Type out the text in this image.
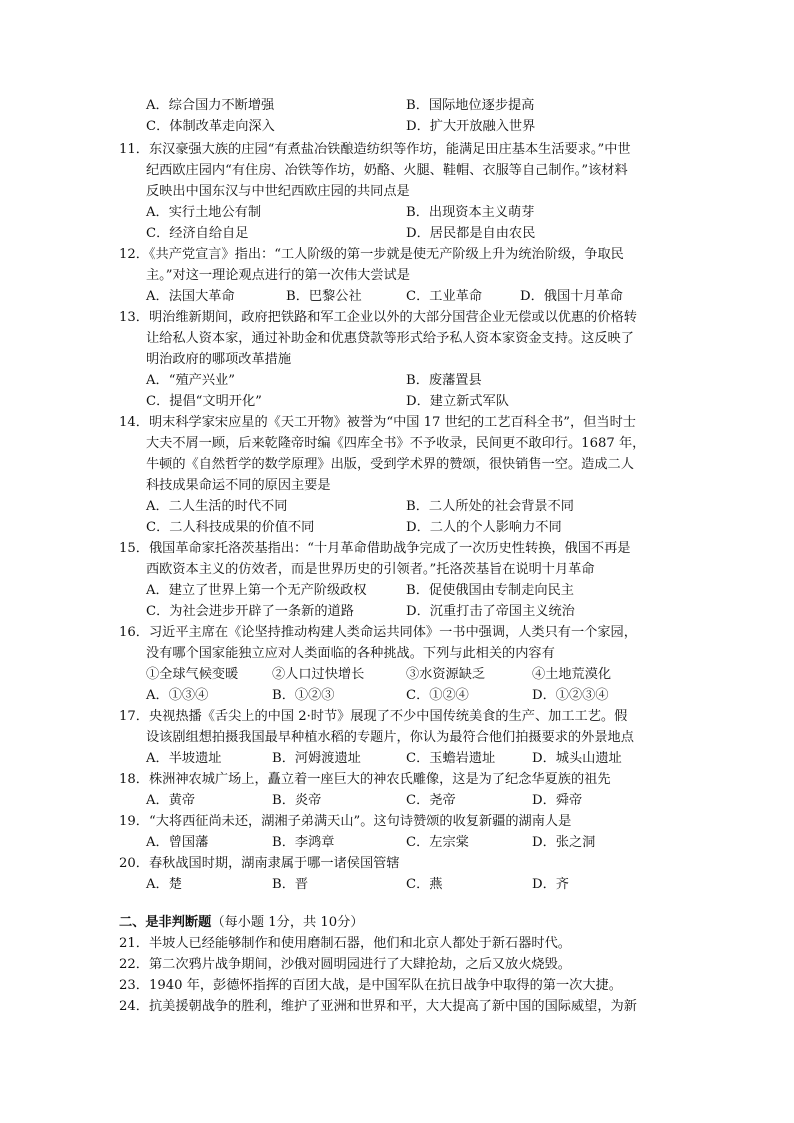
A．综合国力不断增强	B．国际地位逐步提高
C．体制改革走向深入	D．扩大开放融入世界
11．东汉豪强大族的庄园“有煮盐冶铁酿造纺织等作坊，能满足田庄基本生活要求。”中世
纪西欧庄园内“有住房、冶铁等作坊，奶酪、火腿、鞋帽、衣服等自己制作。”该材料
反映出中国东汉与中世纪西欧庄园的共同点是
A．实行土地公有制	B．出现资本主义萌芽
C．经济自给自足	D．居民都是自由农民
12．《共产党宣言》指出：“工人阶级的第一步就是使无产阶级上升为统治阶级，争取民
主。”对这一理论观点进行的第一次伟大尝试是
A．法国大革命	B．巴黎公社	C．工业革命	D．俄国十月革命
13．明治维新期间，政府把铁路和军工企业以外的大部分国营企业无偿或以优惠的价格转
让给私人资本家，通过补助金和优惠贷款等形式给予私人资本家资金支持。这反映了
明治政府的哪项改革措施
A．“殖产兴业”	B．废藩置县
C．提倡“文明开化”	D．建立新式军队
14．明末科学家宋应星的《天工开物》被誉为“中国 17 世纪的工艺百科全书”，但当时士
大夫不屑一顾，后来乾隆帝时编《四库全书》不予收录，民间更不敢印行。1687 年，
牛顿的《自然哲学的数学原理》出版，受到学术界的赞颂，很快销售一空。造成二人
科技成果命运不同的原因主要是
A．二人生活的时代不同	B．二人所处的社会背景不同
C．二人科技成果的价值不同	D．二人的个人影响力不同
15．俄国革命家托洛茨基指出：“十月革命借助战争完成了一次历史性转换，俄国不再是
西欧资本主义的仿效者，而是世界历史的引领者。”托洛茨基旨在说明十月革命
A．建立了世界上第一个无产阶级政权	B．促使俄国由专制走向民主
C．为社会进步开辟了一条新的道路	D．沉重打击了帝国主义统治
16．习近平主席在《论坚持推动构建人类命运共同体》一书中强调，人类只有一个家园，
没有哪个国家能独立应对人类面临的各种挑战。下列与此相关的内容有
①全球气候变暖	②人口过快增长	③水资源缺乏	④土地荒漠化
A．①③④	B．①②③	C．①②④	D．①②③④
17．央视热播《舌尖上的中国 2·时节》展现了不少中国传统美食的生产、加工工艺。假
设该剧组想拍摄我国最早种植水稻的专题片，你认为最符合他们拍摄要求的外景地点
A．半坡遗址	B．河姆渡遗址	C．玉蟾岩遗址	D．城头山遗址
18．株洲神农城广场上，矗立着一座巨大的神农氏雕像，这是为了纪念华夏族的祖先
A．黄帝	B．炎帝	C．尧帝	D．舜帝
19．“大将西征尚未还，湖湘子弟满天山”。这句诗赞颂的收复新疆的湖南人是
A．曾国藩	B．李鸿章	C．左宗棠	D．张之洞
20．春秋战国时期，湖南隶属于哪一诸侯国管辖
A．楚	B．晋	C．燕	D．齐
二、是非判断题（每小题 1分，共 10分）
21．半坡人已经能够制作和使用磨制石器，他们和北京人都处于新石器时代。
22．第二次鸦片战争期间，沙俄对圆明园进行了大肆抢劫，之后又放火烧毁。
23．1940 年，彭德怀指挥的百团大战，是中国军队在抗日战争中取得的第一次大捷。
24．抗美援朝战争的胜利，维护了亚洲和世界和平，大大提高了新中国的国际威望，为新
